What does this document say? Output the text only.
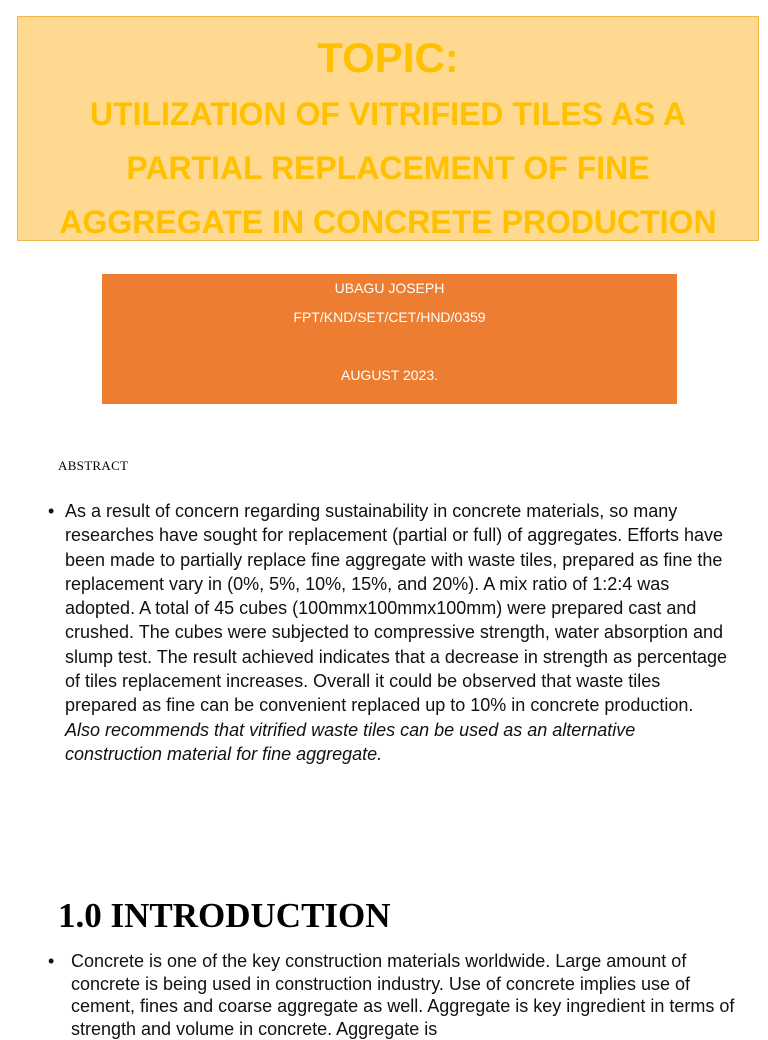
TOPIC:
UTILIZATION OF VITRIFIED TILES AS A
PARTIAL REPLACEMENT OF FINE
AGGREGATE IN CONCRETE PRODUCTION
UBAGU JOSEPH
FPT/KND/SET/CET/HND/0359
AUGUST 2023.
ABSTRACT
• As a result of concern regarding sustainability in concrete materials, so many researches have sought for replacement (partial or full) of aggregates. Efforts have been made to partially replace fine aggregate with waste tiles, prepared as fine the replacement vary in (0%, 5%, 10%, 15%, and 20%). A mix ratio of 1:2:4 was adopted. A total of 45 cubes (100mmx100mmx100mm) were prepared cast and crushed. The cubes were subjected to compressive strength, water absorption and slump test. The result achieved indicates that a decrease in strength as percentage of tiles replacement increases. Overall it could be observed that waste tiles prepared as fine can be convenient replaced up to 10% in concrete production. Also recommends that vitrified waste tiles can be used as an alternative construction material for fine aggregate.
1.0 INTRODUCTION
• Concrete is one of the key construction materials worldwide. Large amount of concrete is being used in construction industry. Use of concrete implies use of cement, fines and coarse aggregate as well. Aggregate is key ingredient in terms of strength and volume in concrete. Aggregate is
